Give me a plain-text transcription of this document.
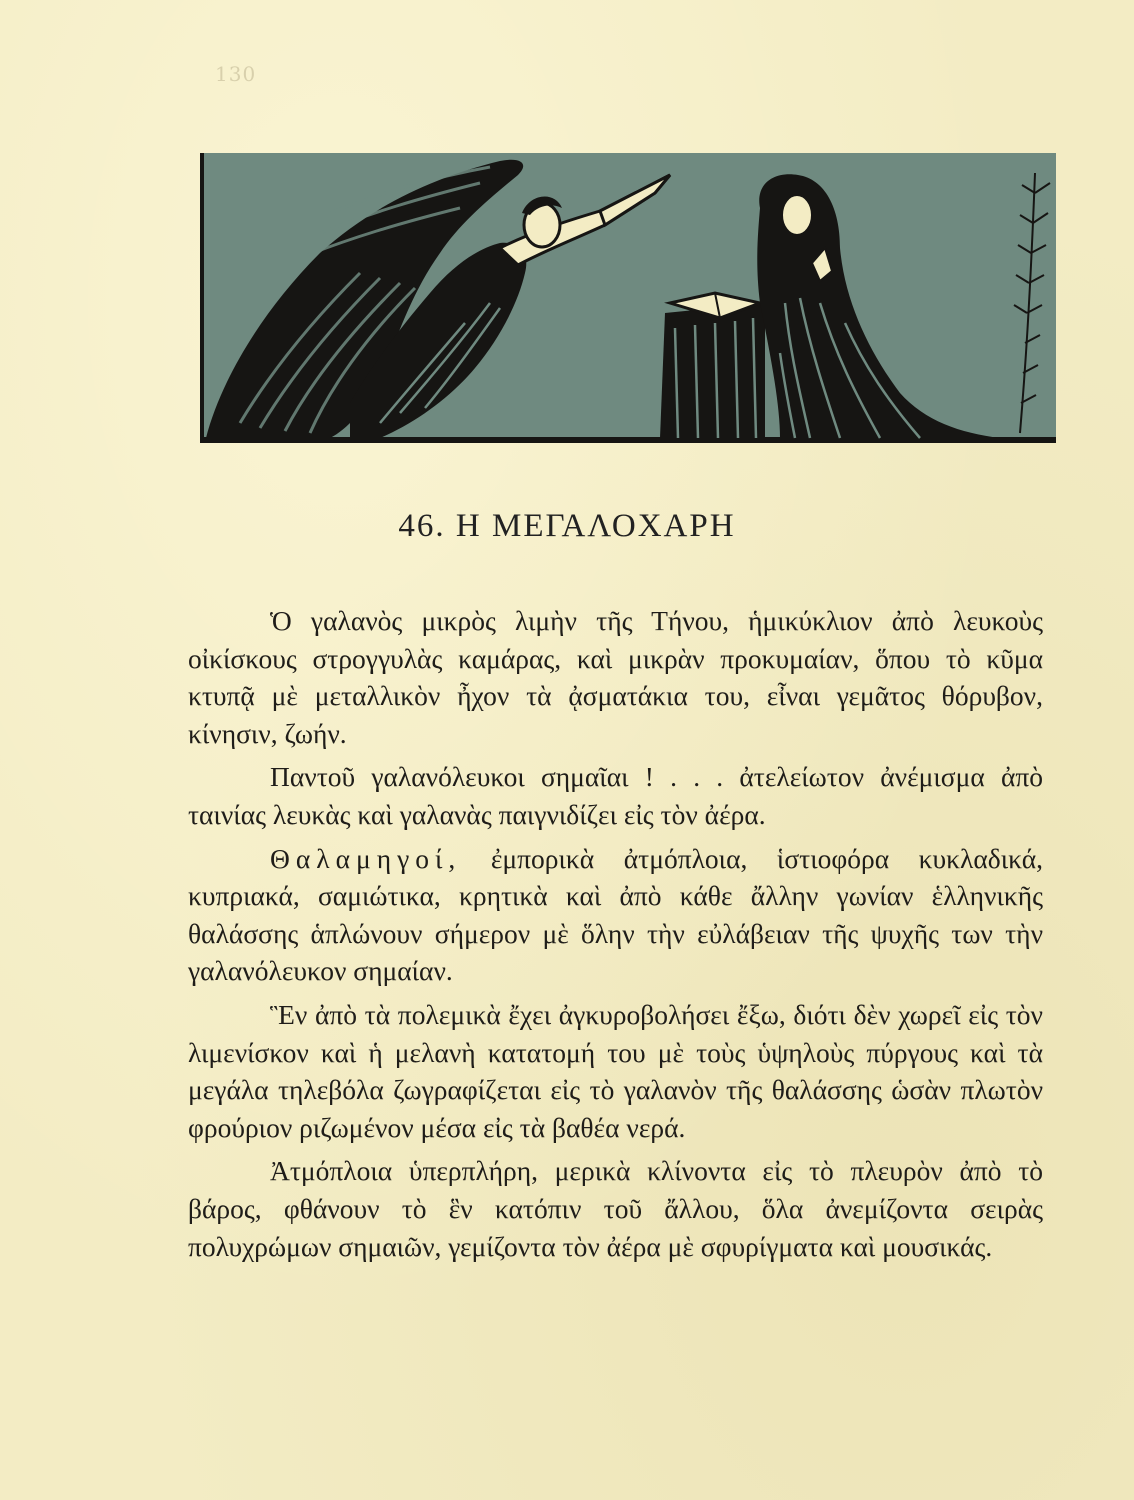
130
46. Η ΜΕΓΑΛΟΧΑΡΗ

Ὁ γαλανὸς μικρὸς λιμὴν τῆς Τήνου, ἡμικύκλιον ἀπὸ λευκοὺς οἰκίσκους στρογγυλὰς καμάρας, καὶ μικρὰν προκυμαίαν, ὅπου τὸ κῦμα κτυπᾷ μὲ μεταλλικὸν ἦχον τὰ ᾀσματάκια του, εἶναι γεμᾶτος θόρυβον, κίνησιν, ζωήν.

Παντοῦ γαλανόλευκοι σημαῖαι ! . . . ἀτελείωτον ἀνέμισμα ἀπὸ ταινίας λευκὰς καὶ γαλανὰς παιγνιδίζει εἰς τὸν ἀέρα.

Θαλαμηγοί, ἐμπορικὰ ἀτμόπλοια, ἱστιοφόρα κυκλαδικά, κυπριακά, σαμιώτικα, κρητικὰ καὶ ἀπὸ κάθε ἄλλην γωνίαν ἑλληνικῆς θαλάσσης ἁπλώνουν σήμερον μὲ ὅλην τὴν εὐλάβειαν τῆς ψυχῆς των τὴν γαλανόλευκον σημαίαν.

Ἓν ἀπὸ τὰ πολεμικὰ ἔχει ἀγκυροβολήσει ἔξω, διότι δὲν χωρεῖ εἰς τὸν λιμενίσκον καὶ ἡ μελανὴ κατατομή του μὲ τοὺς ὑψηλοὺς πύργους καὶ τὰ μεγάλα τηλεβόλα ζωγραφίζεται εἰς τὸ γαλανὸν τῆς θαλάσσης ὡσὰν πλωτὸν φρούριον ριζωμένον μέσα εἰς τὰ βαθέα νερά.

Ἀτμόπλοια ὑπερπλήρη, μερικὰ κλίνοντα εἰς τὸ πλευρὸν ἀπὸ τὸ βάρος, φθάνουν τὸ ἓν κατόπιν τοῦ ἄλλου, ὅλα ἀνεμίζοντα σειρὰς πολυχρώμων σημαιῶν, γεμίζοντα τὸν ἀέρα μὲ σφυρίγματα καὶ μουσικάς.
